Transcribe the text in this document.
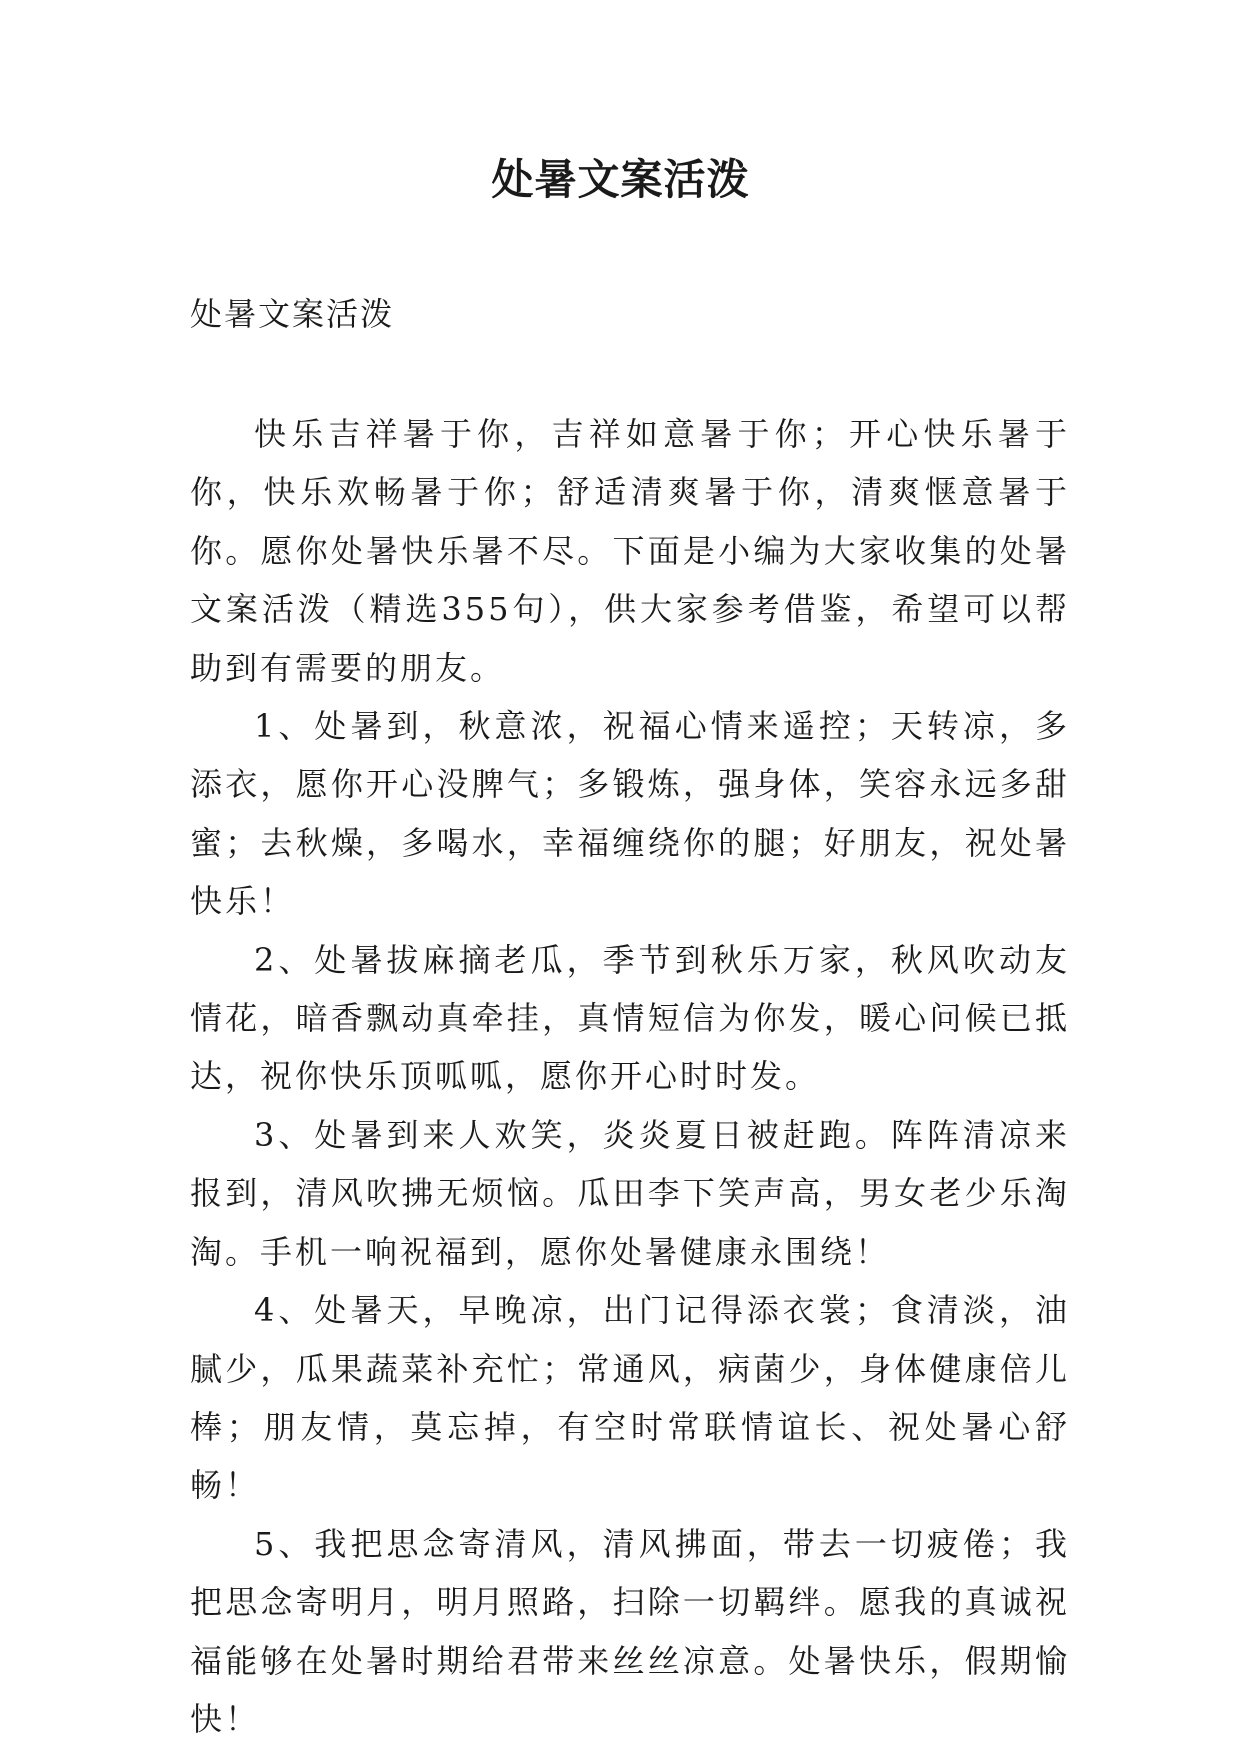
处暑文案活泼
处暑文案活泼

快乐吉祥暑于你，吉祥如意暑于你；开心快乐暑于你，快乐欢畅暑于你；舒适清爽暑于你，清爽惬意暑于你。愿你处暑快乐暑不尽。下面是小编为大家收集的处暑文案活泼（精选355句），供大家参考借鉴，希望可以帮助到有需要的朋友。

1、处暑到，秋意浓，祝福心情来遥控；天转凉，多添衣，愿你开心没脾气；多锻炼，强身体，笑容永远多甜蜜；去秋燥，多喝水，幸福缠绕你的腿；好朋友，祝处暑快乐！

2、处暑拔麻摘老瓜，季节到秋乐万家，秋风吹动友情花，暗香飘动真牵挂，真情短信为你发，暖心问候已抵达，祝你快乐顶呱呱，愿你开心时时发。

3、处暑到来人欢笑，炎炎夏日被赶跑。阵阵清凉来报到，清风吹拂无烦恼。瓜田李下笑声高，男女老少乐淘淘。手机一响祝福到，愿你处暑健康永围绕！

4、处暑天，早晚凉，出门记得添衣裳；食清淡，油腻少，瓜果蔬菜补充忙；常通风，病菌少，身体健康倍儿棒；朋友情，莫忘掉，有空时常联情谊长、祝处暑心舒畅！

5、我把思念寄清风，清风拂面，带去一切疲倦；我把思念寄明月，明月照路，扫除一切羁绊。愿我的真诚祝福能够在处暑时期给君带来丝丝凉意。处暑快乐，假期愉快！
